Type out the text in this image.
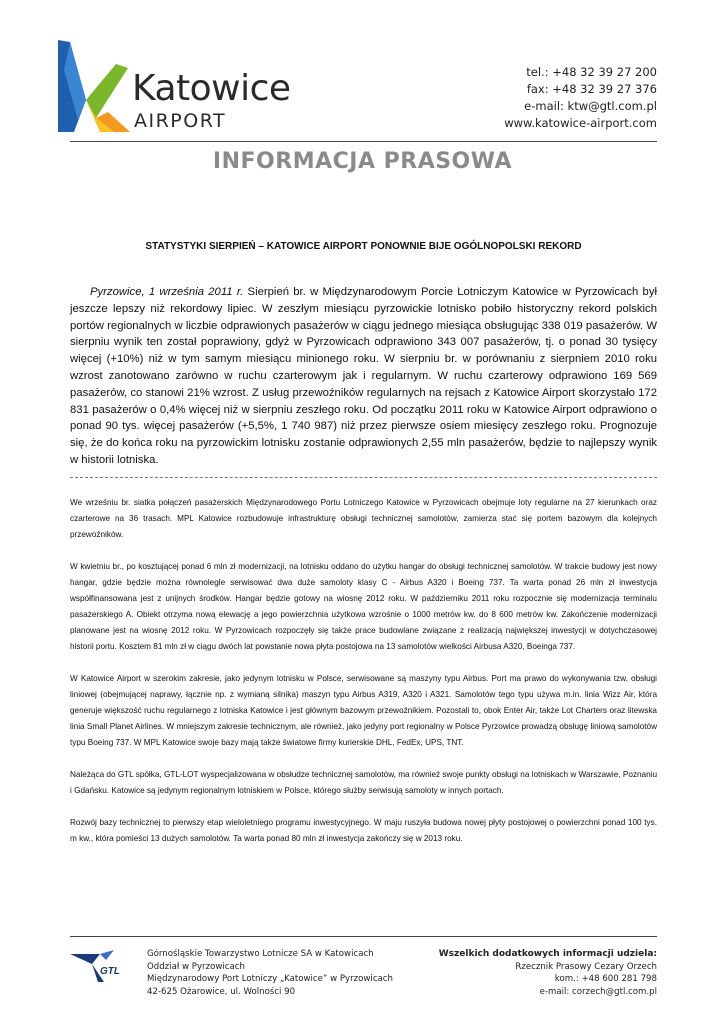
Katowice
AIRPORT
tel.: +48 32 39 27 200
fax: +48 32 39 27 376
e-mail: ktw@gtl.com.pl
www.katowice-airport.com
INFORMACJA PRASOWA
STATYSTYKI SIERPIEŃ – KATOWICE AIRPORT PONOWNIE BIJE OGÓLNOPOLSKI REKORD
Pyrzowice, 1 września 2011 r. Sierpień br. w Międzynarodowym Porcie Lotniczym Katowice w Pyrzowicach był jeszcze lepszy niż rekordowy lipiec. W zeszłym miesiącu pyrzowickie lotnisko pobiło historyczny rekord polskich portów regionalnych w liczbie odprawionych pasażerów w ciągu jednego miesiąca obsługując 338 019 pasażerów. W sierpniu wynik ten został poprawiony, gdyż w Pyrzowicach odprawiono 343 007 pasażerów, tj. o ponad 30 tysięcy więcej (+10%) niż w tym samym miesiącu minionego roku. W sierpniu br. w porównaniu z sierpniem 2010 roku wzrost zanotowano zarówno w ruchu czarterowym jak i regularnym. W ruchu czarterowy odprawiono 169 569 pasażerów, co stanowi 21% wzrost. Z usług przewoźników regularnych na rejsach z Katowice Airport skorzystało 172 831 pasażerów o 0,4% więcej niż w sierpniu zeszłego roku. Od początku 2011 roku w Katowice Airport odprawiono o ponad 90 tys. więcej pasażerów (+5,5%, 1 740 987) niż przez pierwsze osiem miesięcy zeszłego roku. Prognozuje się, że do końca roku na pyrzowickim lotnisku zostanie odprawionych 2,55 mln pasażerów, będzie to najlepszy wynik w historii lotniska.

We wrześniu br. siatka połączeń pasażerskich Międzynarodowego Portu Lotniczego Katowice w Pyrzowicach obejmuje loty regularne na 27 kierunkach oraz czarterowe na 36 trasach. MPL Katowice rozbudowuje infrastrukturę obsługi technicznej samolotów, zamierza stać się portem bazowym dla kolejnych przewoźników.

W kwietniu br., po kosztującej ponad 6 mln zł modernizacji, na lotnisku oddano do użytku hangar do obsługi technicznej samolotów. W trakcie budowy jest nowy hangar, gdzie będzie można równolegle serwisować dwa duże samoloty klasy C - Airbus A320 i Boeing 737. Ta warta ponad 26 mln zł inwestycja współfinansowana jest z unijnych środków. Hangar będzie gotowy na wiosnę 2012 roku. W październiku 2011 roku rozpocznie się modernizacja terminalu pasażerskiego A. Obiekt otrzyma nową elewację a jego powierzchnia użytkowa wzrośnie o 1000 metrów kw. do 8 600 metrów kw. Zakończenie modernizacji planowane jest na wiosnę 2012 roku. W Pyrzowicach rozpoczęły się także prace budowlane związane z realizacją największej inwestycji w dotychczasowej historii portu. Kosztem 81 mln zł w ciągu dwóch lat powstanie nowa płyta postojowa na 13 samolotów wielkości Airbusa A320, Boeinga 737.

W Katowice Airport w szerokim zakresie, jako jedynym lotnisku w Polsce, serwisowane są maszyny typu Airbus. Port ma prawo do wykonywania tzw. obsługi liniowej (obejmującej naprawy, łącznie np. z wymianą silnika) maszyn typu Airbus A319, A320 i A321. Samolotów tego typu używa m.in. linia Wizz Air, która generuje większość ruchu regularnego z lotniska Katowice i jest głównym bazowym przewoźnikiem. Pozostali to, obok Enter Air, także Lot Charters oraz litewska linia Small Planet Airlines. W mniejszym zakresie technicznym, ale również, jako jedyny port regionalny w Polsce Pyrzowice prowadzą obsługę liniową samolotów typu Boeing 737. W MPL Katowice swoje bazy mają także światowe firmy kurierskie DHL, FedEx, UPS, TNT.

Należąca do GTL spółka, GTL-LOT wyspecjalizowana w obsłudze technicznej samolotów, ma również swoje punkty obsługi na lotniskach w Warszawie, Poznaniu i Gdańsku. Katowice są jedynym regionalnym lotniskiem w Polsce, którego służby serwisują samoloty w innych portach.

Rozwój bazy technicznej to pierwszy etap wieloletniego programu inwestycyjnego. W maju ruszyła budowa nowej płyty postojowej o powierzchni ponad 100 tys. m kw., która pomieści 13 dużych samolotów. Ta warta ponad 80 mln zł inwestycja zakończy się w 2013 roku.

GTL
Górnośląskie Towarzystwo Lotnicze SA w Katowicach
Oddział w Pyrzowicach
Międzynarodowy Port Lotniczy „Katowice” w Pyrzowicach
42-625 Ożarowice, ul. Wolności 90
Wszelkich dodatkowych informacji udziela:
Rzecznik Prasowy Cezary Orzech
kom.: +48 600 281 798
e-mail: corzech@gtl.com.pl
